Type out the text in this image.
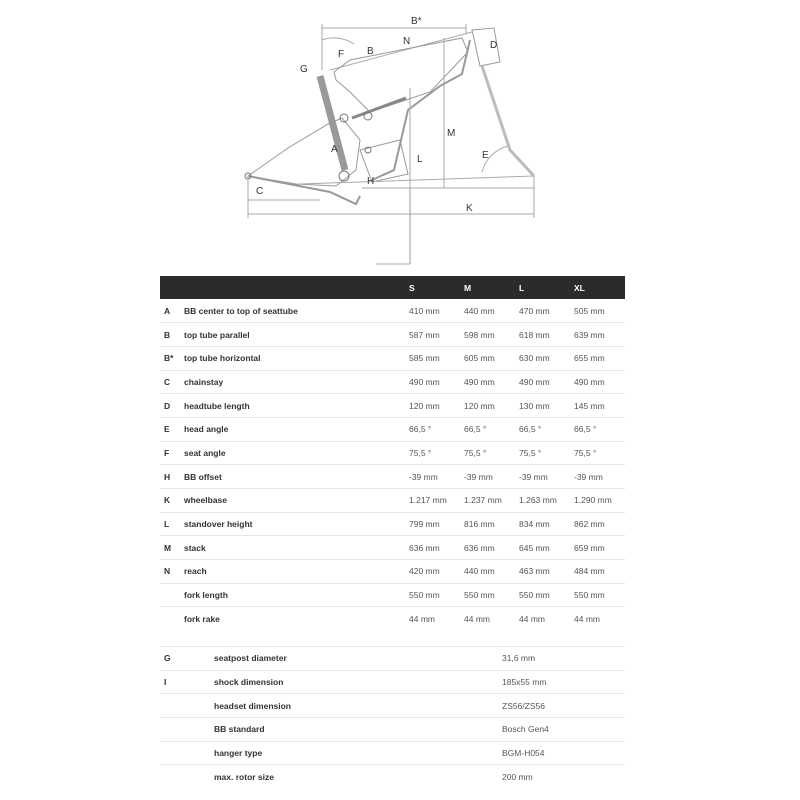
B*
N
B
F
G
D
M
A
E
L
H
C
K
		S	M	L	XL
A	BB center to top of seattube	410 mm	440 mm	470 mm	505 mm
B	top tube parallel	587 mm	598 mm	618 mm	639 mm
B*	top tube horizontal	585 mm	605 mm	630 mm	655 mm
C	chainstay	490 mm	490 mm	490 mm	490 mm
D	headtube length	120 mm	120 mm	130 mm	145 mm
E	head angle	66,5 °	66,5 °	66,5 °	66,5 °
F	seat angle	75,5 °	75,5 °	75,5 °	75,5 °
H	BB offset	-39 mm	-39 mm	-39 mm	-39 mm
K	wheelbase	1.217 mm	1.237 mm	1.263 mm	1.290 mm
L	standover height	799 mm	816 mm	834 mm	862 mm
M	stack	636 mm	636 mm	645 mm	659 mm
N	reach	420 mm	440 mm	463 mm	484 mm
	fork length	550 mm	550 mm	550 mm	550 mm
	fork rake	44 mm	44 mm	44 mm	44 mm
G	seatpost diameter	31,6 mm
I	shock dimension	185x55 mm
	headset dimension	ZS56/ZS56
	BB standard	Bosch Gen4
	hanger type	BGM-H054
	max. rotor size	200 mm
